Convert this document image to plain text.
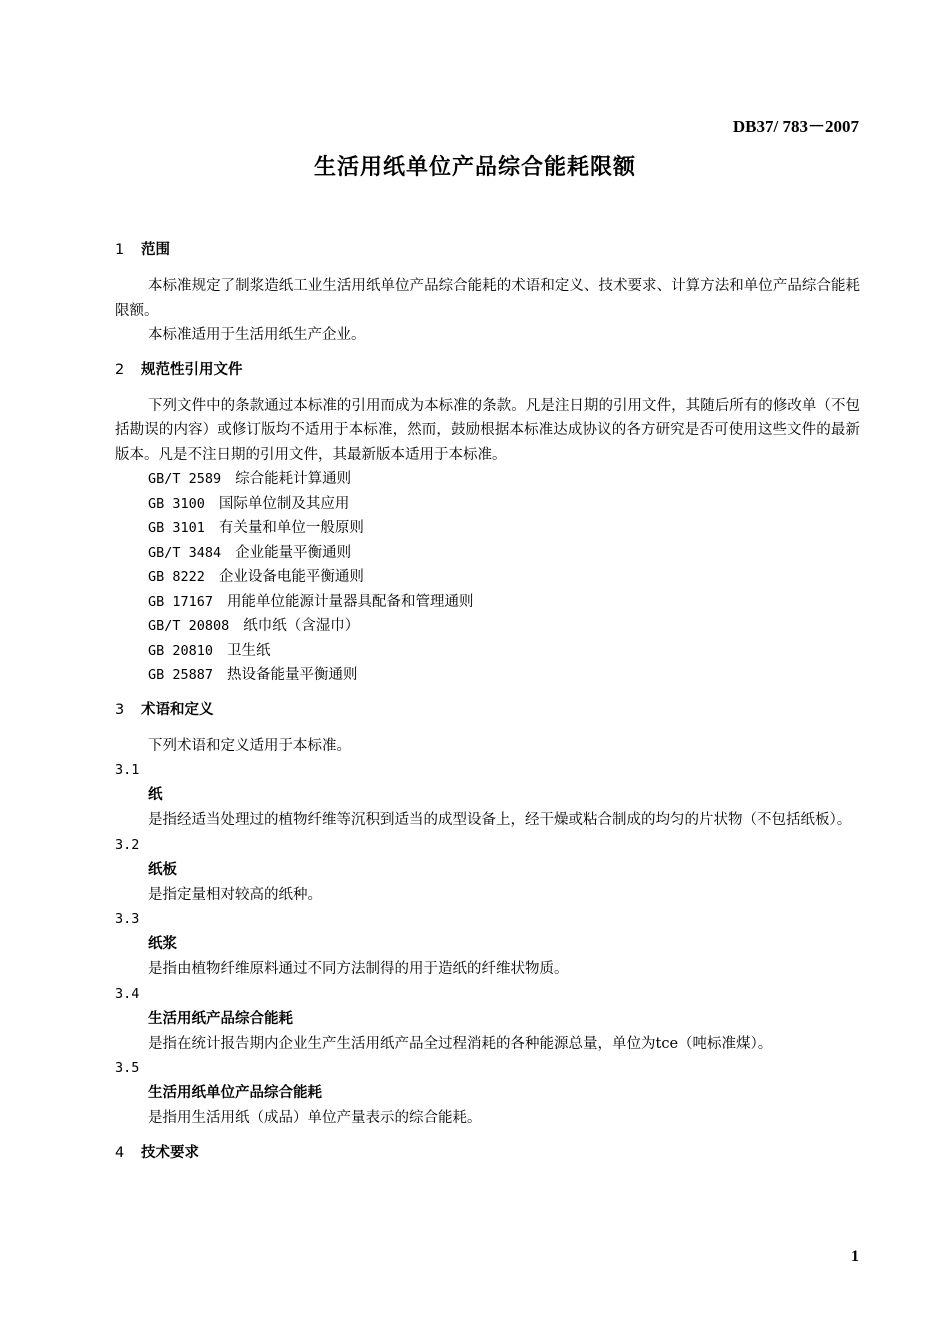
DB37/ 783－2007
生活用纸单位产品综合能耗限额
1 范围

本标准规定了制浆造纸工业生活用纸单位产品综合能耗的术语和定义、技术要求、计算方法和单位产品综合能耗限额。

本标准适用于生活用纸生产企业。

2 规范性引用文件

下列文件中的条款通过本标准的引用而成为本标准的条款。凡是注日期的引用文件，其随后所有的修改单（不包括勘误的内容）或修订版均不适用于本标准，然而，鼓励根据本标准达成协议的各方研究是否可使用这些文件的最新版本。凡是不注日期的引用文件，其最新版本适用于本标准。

GB/T 2589 综合能耗计算通则
GB 3100 国际单位制及其应用
GB 3101 有关量和单位一般原则
GB/T 3484 企业能量平衡通则
GB 8222 企业设备电能平衡通则
GB 17167 用能单位能源计量器具配备和管理通则
GB/T 20808 纸巾纸（含湿巾）
GB 20810 卫生纸
GB 25887 热设备能量平衡通则
3 术语和定义

下列术语和定义适用于本标准。

3.1
纸

是指经适当处理过的植物纤维等沉积到适当的成型设备上，经干燥或粘合制成的均匀的片状物（不包括纸板）。

3.2
纸板

是指定量相对较高的纸种。

3.3
纸浆

是指由植物纤维原料通过不同方法制得的用于造纸的纤维状物质。

3.4
生活用纸产品综合能耗

是指在统计报告期内企业生产生活用纸产品全过程消耗的各种能源总量，单位为tce（吨标准煤）。

3.5
生活用纸单位产品综合能耗

是指用生活用纸（成品）单位产量表示的综合能耗。

4 技术要求
1
